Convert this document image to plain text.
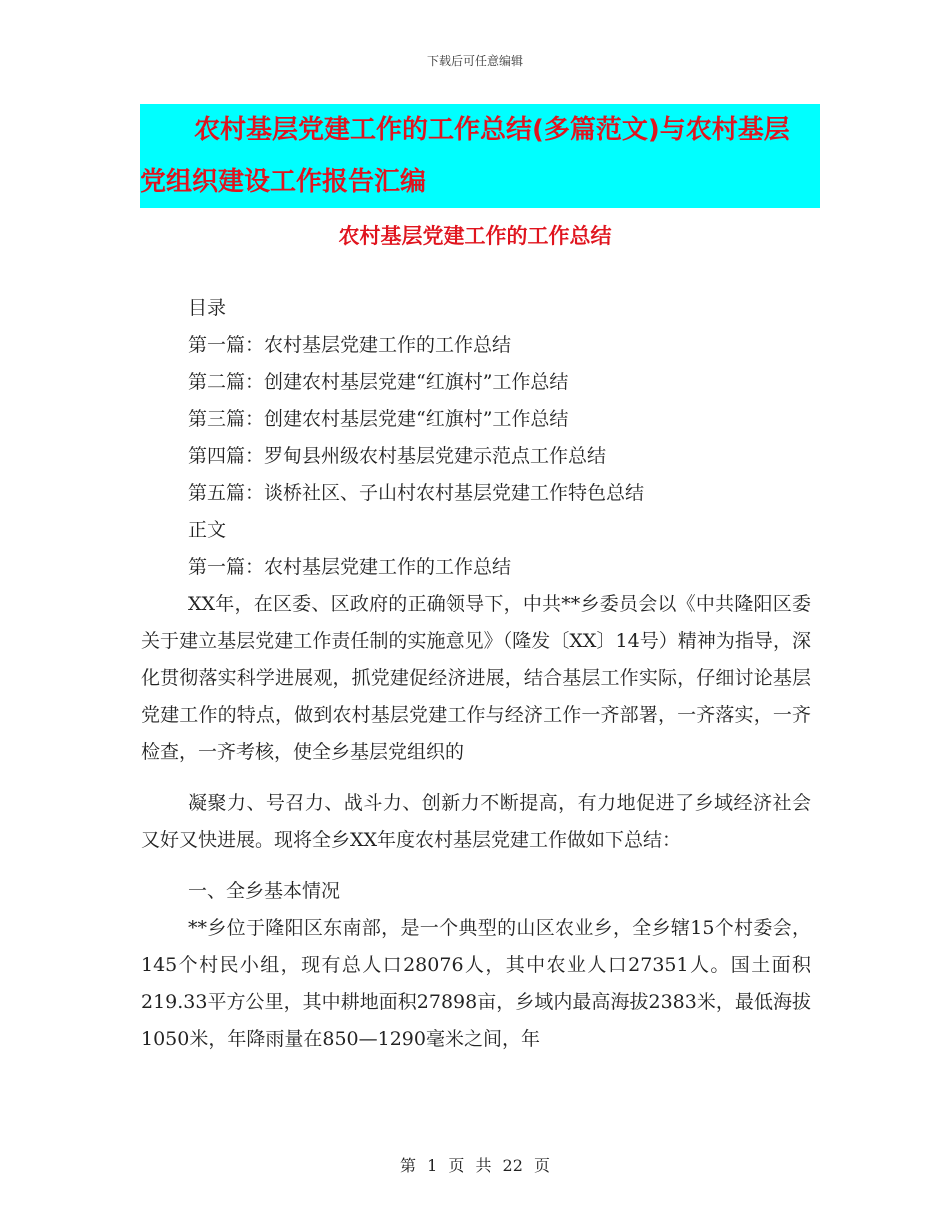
下载后可任意编辑
农村基层党建工作的工作总结(多篇范文)与农村基层
党组织建设工作报告汇编
农村基层党建工作的工作总结
目录
第一篇：农村基层党建工作的工作总结
第二篇：创建农村基层党建“红旗村”工作总结
第三篇：创建农村基层党建“红旗村”工作总结
第四篇：罗甸县州级农村基层党建示范点工作总结
第五篇：谈桥社区、子山村农村基层党建工作特色总结
正文
第一篇：农村基层党建工作的工作总结

XX年，在区委、区政府的正确领导下，中共**乡委员会以《中共隆阳区委关于建立基层党建工作责任制的实施意见》（隆发〔XX〕14号）精神为指导，深化贯彻落实科学进展观，抓党建促经济进展，结合基层工作实际，仔细讨论基层党建工作的特点，做到农村基层党建工作与经济工作一齐部署，一齐落实，一齐检查，一齐考核，使全乡基层党组织的

凝聚力、号召力、战斗力、创新力不断提高，有力地促进了乡域经济社会又好又快进展。现将全乡XX年度农村基层党建工作做如下总结：

一、全乡基本情况

**乡位于隆阳区东南部，是一个典型的山区农业乡，全乡辖15个村委会，145个村民小组，现有总人口28076人，其中农业人口27351人。国土面积219.33平方公里，其中耕地面积27898亩，乡域内最高海拔2383米，最低海拔1050米，年降雨量在850—1290毫米之间，年

第 1 页 共 22 页
